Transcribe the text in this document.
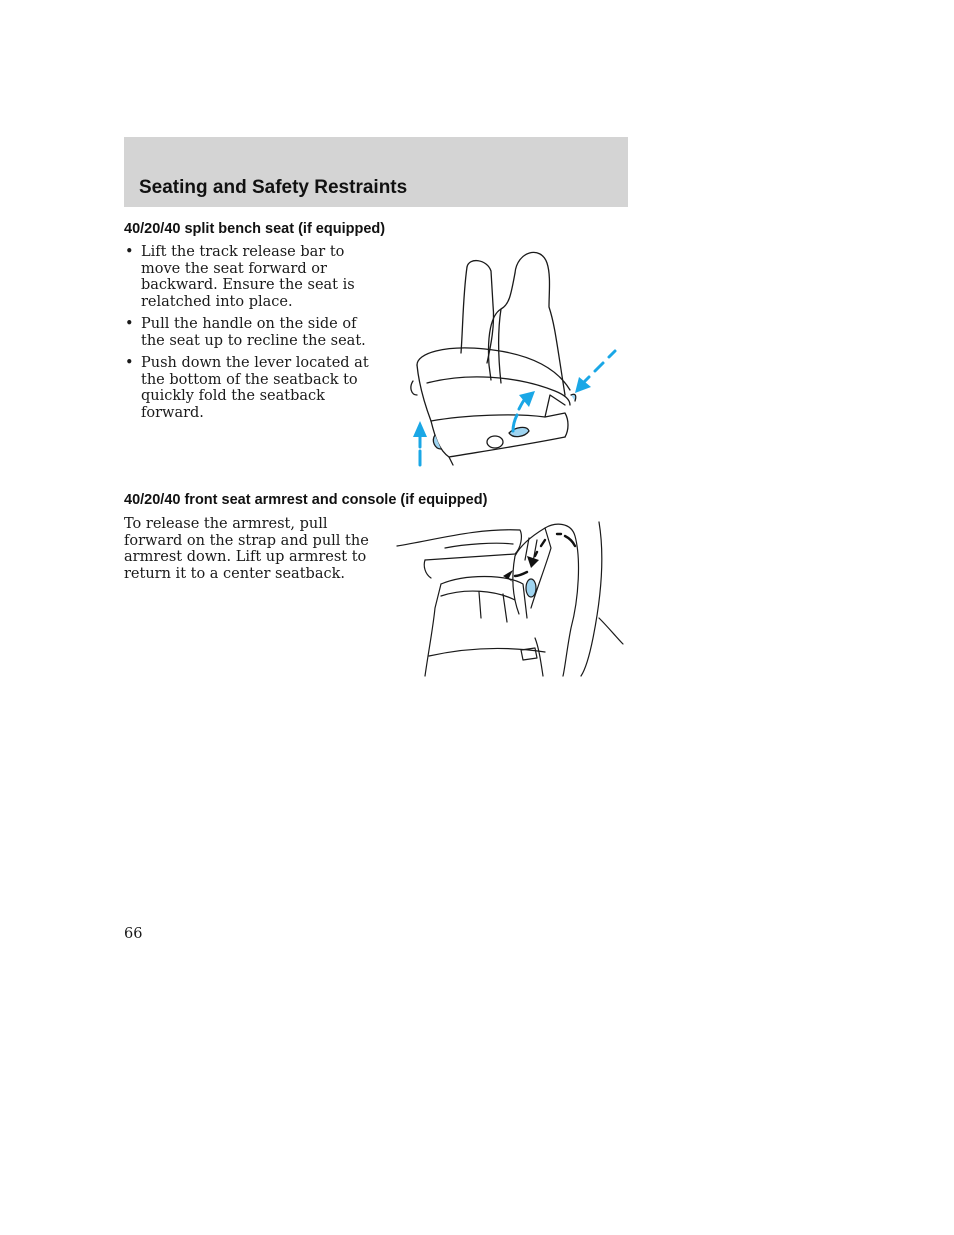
Seating and Safety Restraints
40/20/40 split bench seat (if equipped)
• Lift the track release bar to move the seat forward or backward. Ensure the seat is relatched into place.
• Pull the handle on the side of the seat up to recline the seat.
• Push down the lever located at the bottom of the seatback to quickly fold the seatback forward.
40/20/40 front seat armrest and console (if equipped)

To release the armrest, pull forward on the strap and pull the armrest down. Lift up armrest to return it to a center seatback.

66
